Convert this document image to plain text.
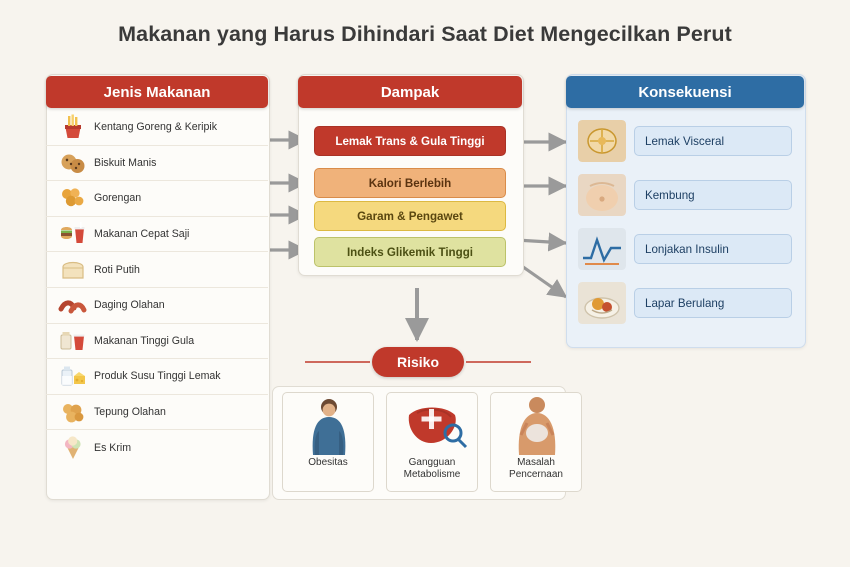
Makanan yang Harus Dihindari Saat Diet Mengecilkan Perut
Jenis Makanan
Kentang Goreng & Keripik
Biskuit Manis
Gorengan
Makanan Cepat Saji
Roti Putih
Daging Olahan
Makanan Tinggi Gula
Produk Susu Tinggi Lemak
Tepung Olahan
Es Krim
Dampak
Lemak Trans & Gula Tinggi
Kalori Berlebih
Garam & Pengawet
Indeks Glikemik Tinggi
Konsekuensi
Lemak Visceral
Kembung
Lonjakan Insulin
Lapar Berulang
Risiko
Obesitas	Gangguan Metabolisme
Masalah Pencernaan
